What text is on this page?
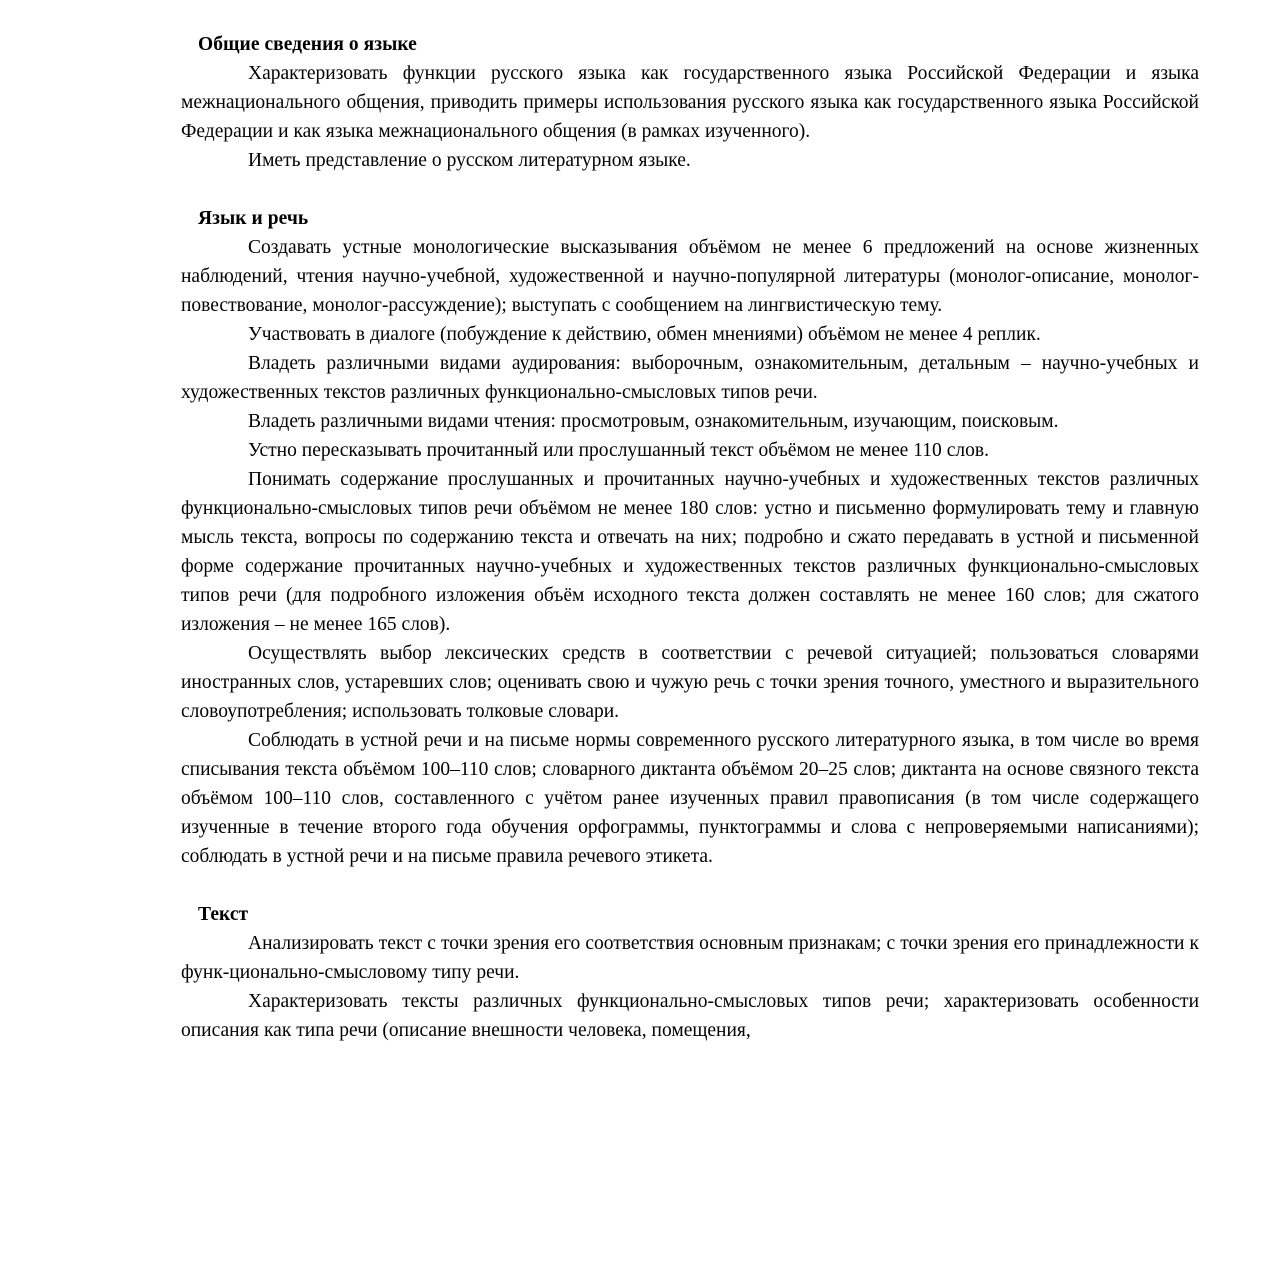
Общие сведения о языке

Характеризовать функции русского языка как государственного языка Российской Федерации и языка межнационального общения, приводить примеры использования русского языка как государственного языка Российской Федерации и как языка межнационального общения (в рамках изученного).

Иметь представление о русском литературном языке.

Язык и речь

Создавать устные монологические высказывания объёмом не менее 6 предложений на основе жизненных наблюдений, чтения научно-учебной, художественной и научно-популярной литературы (монолог-описание, монолог-повествование, монолог-рассуждение); выступать с сообщением на лингвистическую тему.

Участвовать в диалоге (побуждение к действию, обмен мнениями) объёмом не менее 4 реплик.

Владеть различными видами аудирования: выборочным, ознакомительным, детальным – научно-учебных и художественных текстов различных функционально-смысловых типов речи.

Владеть различными видами чтения: просмотровым, ознакомительным, изучающим, поисковым.

Устно пересказывать прочитанный или прослушанный текст объёмом не менее 110 слов.

Понимать содержание прослушанных и прочитанных научно-учебных и художественных текстов различных функционально-смысловых типов речи объёмом не менее 180 слов: устно и письменно формулировать тему и главную мысль текста, вопросы по содержанию текста и отвечать на них; подробно и сжато передавать в устной и письменной форме содержание прочитанных научно-учебных и художественных текстов различных функционально-смысловых типов речи (для подробного изложения объём исходного текста должен составлять не менее 160 слов; для сжатого изложения – не менее 165 слов).

Осуществлять выбор лексических средств в соответствии с речевой ситуацией; пользоваться словарями иностранных слов, устаревших слов; оценивать свою и чужую речь с точки зрения точного, уместного и выразительного словоупотребления; использовать толковые словари.

Соблюдать в устной речи и на письме нормы современного русского литературного языка, в том числе во время списывания текста объёмом 100–110 слов; словарного диктанта объёмом 20–25 слов; диктанта на основе связного текста объёмом 100–110 слов, составленного с учётом ранее изученных правил правописания (в том числе содержащего изученные в течение второго года обучения орфограммы, пунктограммы и слова с непроверяемыми написаниями); соблюдать в устной речи и на письме правила речевого этикета.

Текст

Анализировать текст с точки зрения его соответствия основным признакам; с точки зрения его принадлежности к функ-ционально-смысловому типу речи.

Характеризовать тексты различных функционально-смысловых типов речи; характеризовать особенности описания как типа речи (описание внешности человека, помещения,
